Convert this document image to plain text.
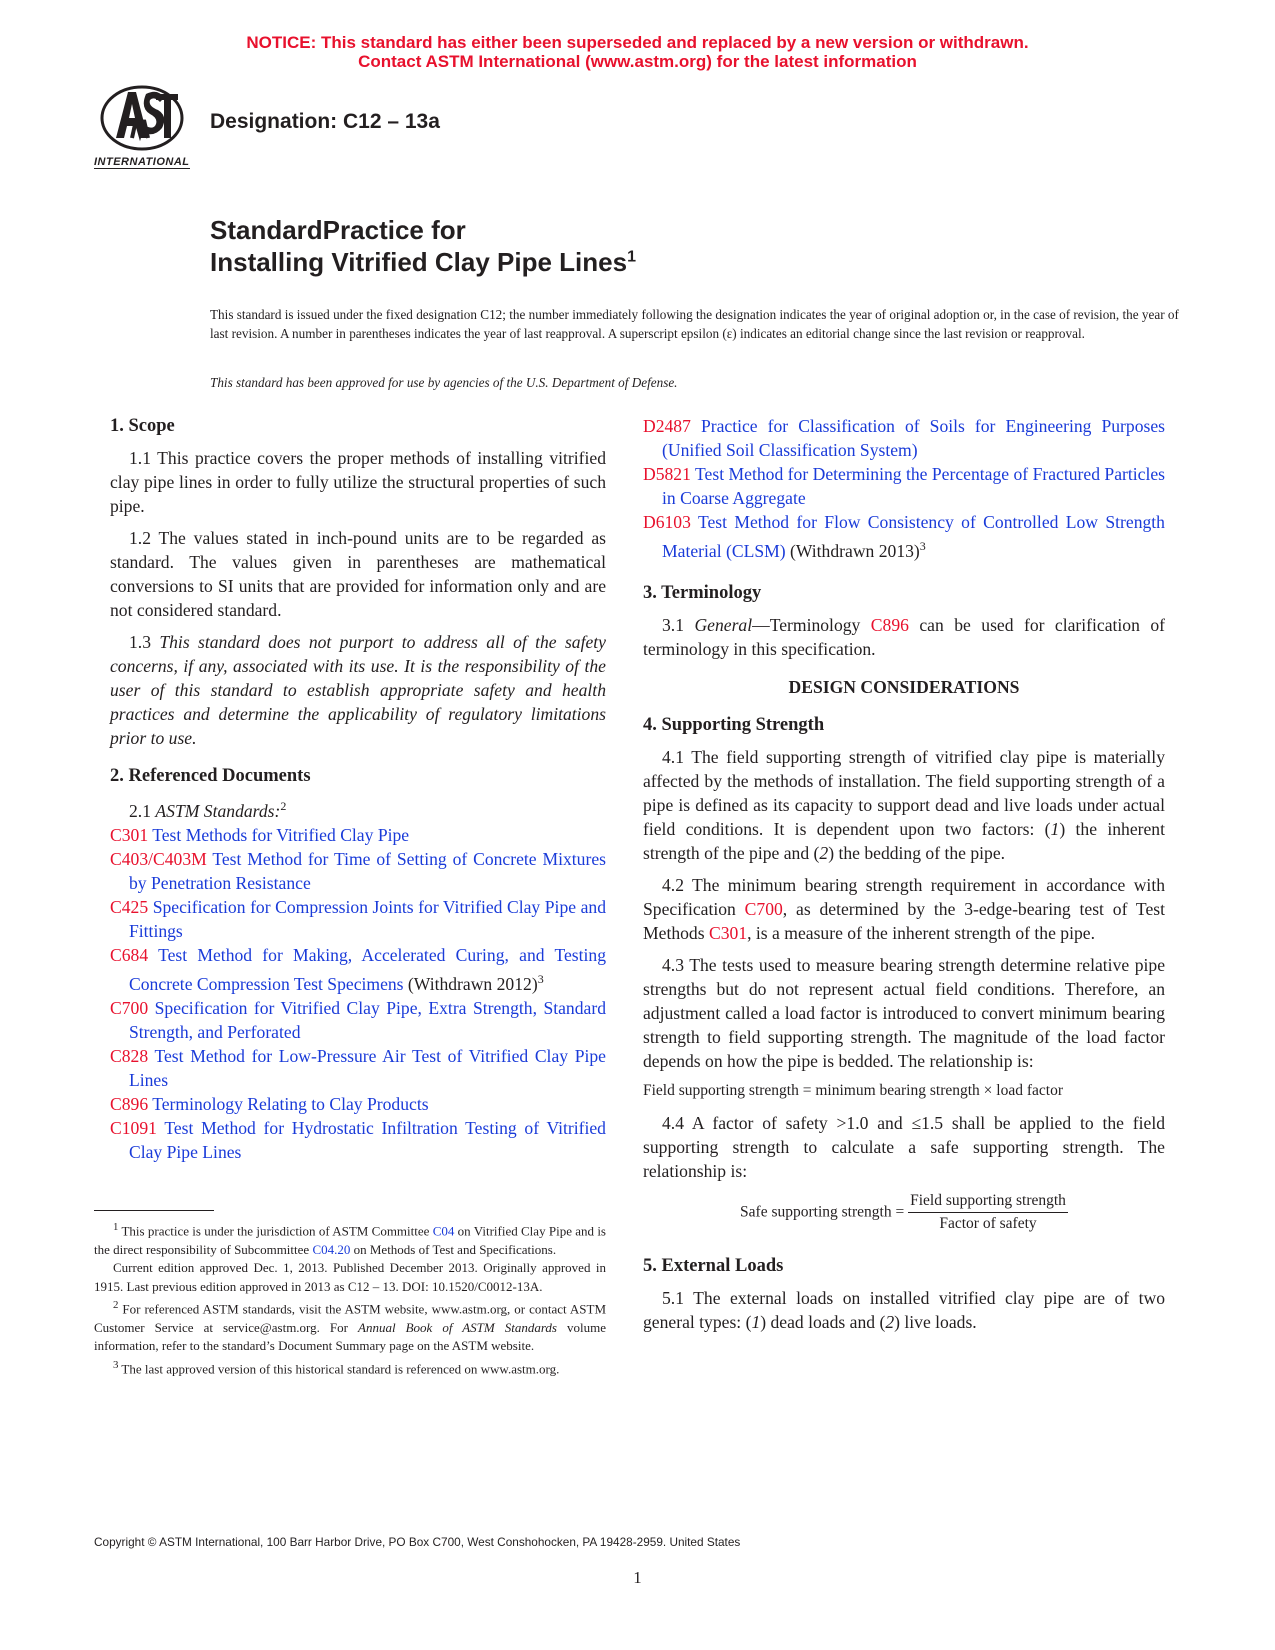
NOTICE: This standard has either been superseded and replaced by a new version or withdrawn.
Contact ASTM International (www.astm.org) for the latest information
INTERNATIONAL
Designation: C12 – 13a
StandardPractice for
Installing Vitrified Clay Pipe Lines$^1$
This standard is issued under the fixed designation C12; the number immediately following the designation indicates the year of original adoption or, in the case of revision, the year of last revision. A number in parentheses indicates the year of last reapproval. A superscript epsilon (ε) indicates an editorial change since the last revision or reapproval.
This standard has been approved for use by agencies of the U.S. Department of Defense.
1. Scope

1.1 This practice covers the proper methods of installing vitrified clay pipe lines in order to fully utilize the structural properties of such pipe.

1.2 The values stated in inch-pound units are to be regarded as standard. The values given in parentheses are mathematical conversions to SI units that are provided for information only and are not considered standard.

1.3 This standard does not purport to address all of the safety concerns, if any, associated with its use. It is the responsibility of the user of this standard to establish appropriate safety and health practices and determine the applicability of regulatory limitations prior to use.

2. Referenced Documents

2.1 ASTM Standards:$^2$

C301 Test Methods for Vitrified Clay Pipe
C403/C403M Test Method for Time of Setting of Concrete Mixtures by Penetration Resistance
C425 Specification for Compression Joints for Vitrified Clay Pipe and Fittings
C684 Test Method for Making, Accelerated Curing, and Testing Concrete Compression Test Specimens (Withdrawn 2012)$^3$
C700 Specification for Vitrified Clay Pipe, Extra Strength, Standard Strength, and Perforated
C828 Test Method for Low-Pressure Air Test of Vitrified Clay Pipe Lines
C896 Terminology Relating to Clay Products
C1091 Test Method for Hydrostatic Infiltration Testing of Vitrified Clay Pipe Lines

$^1$ This practice is under the jurisdiction of ASTM Committee C04 on Vitrified Clay Pipe and is the direct responsibility of Subcommittee C04.20 on Methods of Test and Specifications.

Current edition approved Dec. 1, 2013. Published December 2013. Originally approved in 1915. Last previous edition approved in 2013 as C12 – 13. DOI: 10.1520/C0012-13A.

$^2$ For referenced ASTM standards, visit the ASTM website, www.astm.org, or contact ASTM Customer Service at service@astm.org. For Annual Book of ASTM Standards volume information, refer to the standard’s Document Summary page on the ASTM website.

$^3$ The last approved version of this historical standard is referenced on www.astm.org.

D2487 Practice for Classification of Soils for Engineering Purposes (Unified Soil Classification System)
D5821 Test Method for Determining the Percentage of Fractured Particles in Coarse Aggregate
D6103 Test Method for Flow Consistency of Controlled Low Strength Material (CLSM) (Withdrawn 2013)$^3$
3. Terminology

3.1 General—Terminology C896 can be used for clarification of terminology in this specification.

DESIGN CONSIDERATIONS
4. Supporting Strength

4.1 The field supporting strength of vitrified clay pipe is materially affected by the methods of installation. The field supporting strength of a pipe is defined as its capacity to support dead and live loads under actual field conditions. It is dependent upon two factors: (1) the inherent strength of the pipe and (2) the bedding of the pipe.

4.2 The minimum bearing strength requirement in accordance with Specification C700, as determined by the 3-edge-bearing test of Test Methods C301, is a measure of the inherent strength of the pipe.

4.3 The tests used to measure bearing strength determine relative pipe strengths but do not represent actual field conditions. Therefore, an adjustment called a load factor is introduced to convert minimum bearing strength to field supporting strength. The magnitude of the load factor depends on how the pipe is bedded. The relationship is:

Field supporting strength = minimum bearing strength × load factor

4.4 A factor of safety >1.0 and ≤1.5 shall be applied to the field supporting strength to calculate a safe supporting strength. The relationship is:

Safe supporting strength = $\frac{\text{Field supporting strength}}{\text{Factor of safety}}$
5. External Loads

5.1 The external loads on installed vitrified clay pipe are of two general types: (1) dead loads and (2) live loads.

Copyright © ASTM International, 100 Barr Harbor Drive, PO Box C700, West Conshohocken, PA 19428-2959. United States
1
